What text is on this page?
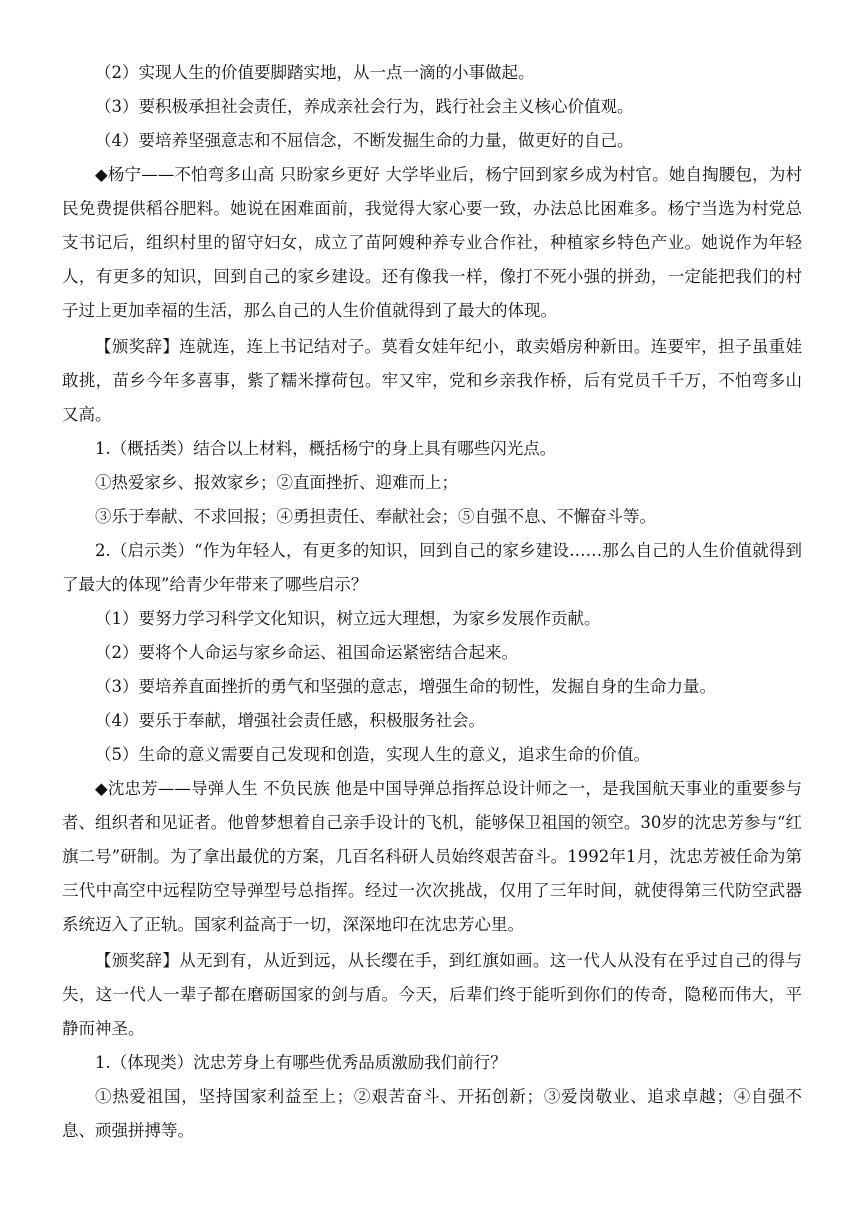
（2）实现人生的价值要脚踏实地，从一点一滴的小事做起。

（3）要积极承担社会责任，养成亲社会行为，践行社会主义核心价值观。

（4）要培养坚强意志和不屈信念，不断发掘生命的力量，做更好的自己。

◆杨宁——不怕弯多山高 只盼家乡更好 大学毕业后，杨宁回到家乡成为村官。她自掏腰包，为村民免费提供稻谷肥料。她说在困难面前，我觉得大家心要一致，办法总比困难多。杨宁当选为村党总支书记后，组织村里的留守妇女，成立了苗阿嫂种养专业合作社，种植家乡特色产业。她说作为年轻人，有更多的知识，回到自己的家乡建设。还有像我一样，像打不死小强的拼劲，一定能把我们的村子过上更加幸福的生活，那么自己的人生价值就得到了最大的体现。

【颁奖辞】连就连，连上书记结对子。莫看女娃年纪小，敢卖婚房种新田。连要牢，担子虽重娃敢挑，苗乡今年多喜事，紫了糯米撑荷包。牢又牢，党和乡亲我作桥，后有党员千千万，不怕弯多山又高。

1.（概括类）结合以上材料，概括杨宁的身上具有哪些闪光点。

①热爱家乡、报效家乡；②直面挫折、迎难而上；

③乐于奉献、不求回报；④勇担责任、奉献社会；⑤自强不息、不懈奋斗等。

2.（启示类）“作为年轻人，有更多的知识，回到自己的家乡建设……那么自己的人生价值就得到了最大的体现”给青少年带来了哪些启示？

（1）要努力学习科学文化知识，树立远大理想，为家乡发展作贡献。

（2）要将个人命运与家乡命运、祖国命运紧密结合起来。

（3）要培养直面挫折的勇气和坚强的意志，增强生命的韧性，发掘自身的生命力量。

（4）要乐于奉献，增强社会责任感，积极服务社会。

（5）生命的意义需要自己发现和创造，实现人生的意义，追求生命的价值。

◆沈忠芳——导弹人生 不负民族 他是中国导弹总指挥总设计师之一，是我国航天事业的重要参与者、组织者和见证者。他曾梦想着自己亲手设计的飞机，能够保卫祖国的领空。30岁的沈忠芳参与“红旗二号”研制。为了拿出最优的方案，几百名科研人员始终艰苦奋斗。1992年1月，沈忠芳被任命为第三代中高空中远程防空导弹型号总指挥。经过一次次挑战，仅用了三年时间，就使得第三代防空武器系统迈入了正轨。国家利益高于一切，深深地印在沈忠芳心里。

【颁奖辞】从无到有，从近到远，从长缨在手，到红旗如画。这一代人从没有在乎过自己的得与失，这一代人一辈子都在磨砺国家的剑与盾。今天，后辈们终于能听到你们的传奇，隐秘而伟大，平静而神圣。

1.（体现类）沈忠芳身上有哪些优秀品质激励我们前行？

①热爱祖国，坚持国家利益至上；②艰苦奋斗、开拓创新；③爱岗敬业、追求卓越；④自强不息、顽强拼搏等。
